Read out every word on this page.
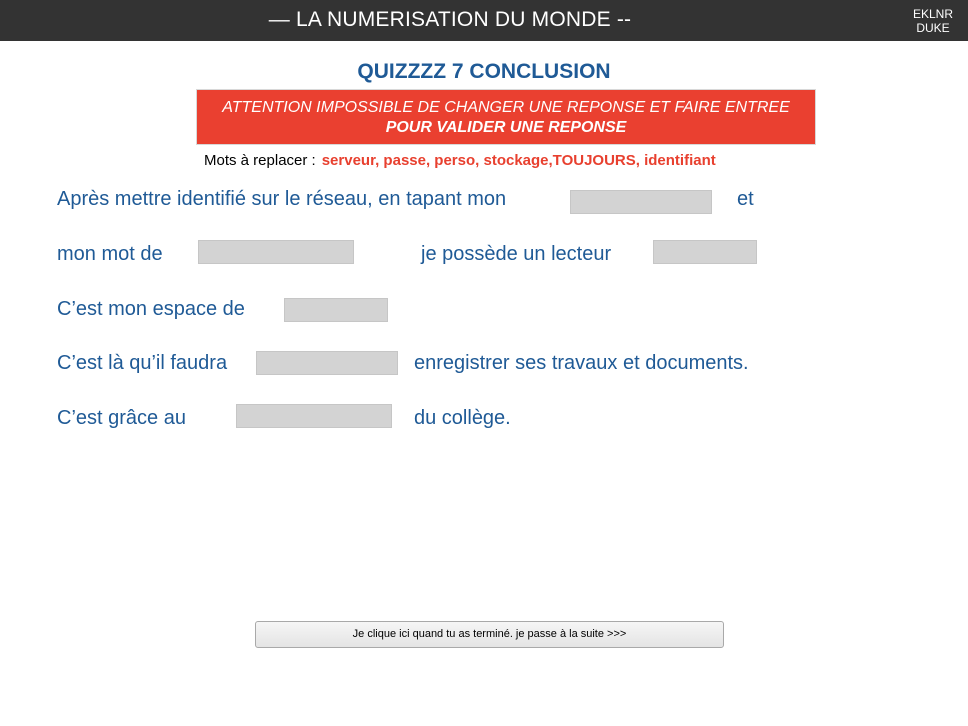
— LA NUMERISATION DU MONDE --	EKLNR
DUKE
QUIZZZZ 7 CONCLUSION
ATTENTION IMPOSSIBLE DE CHANGER UNE REPONSE ET FAIRE ENTREE
POUR VALIDER UNE REPONSE
Mots à replacer : serveur, passe, perso, stockage,TOUJOURS, identifiant
Après mettre identifié sur le réseau, en tapant mon	et
mon mot de	je possède un lecteur
C’est mon espace de
C’est là qu’il faudra	enregistrer ses travaux et documents.
C’est grâce au	du collège.
Je clique ici quand tu as terminé. je passe à la suite >>>
